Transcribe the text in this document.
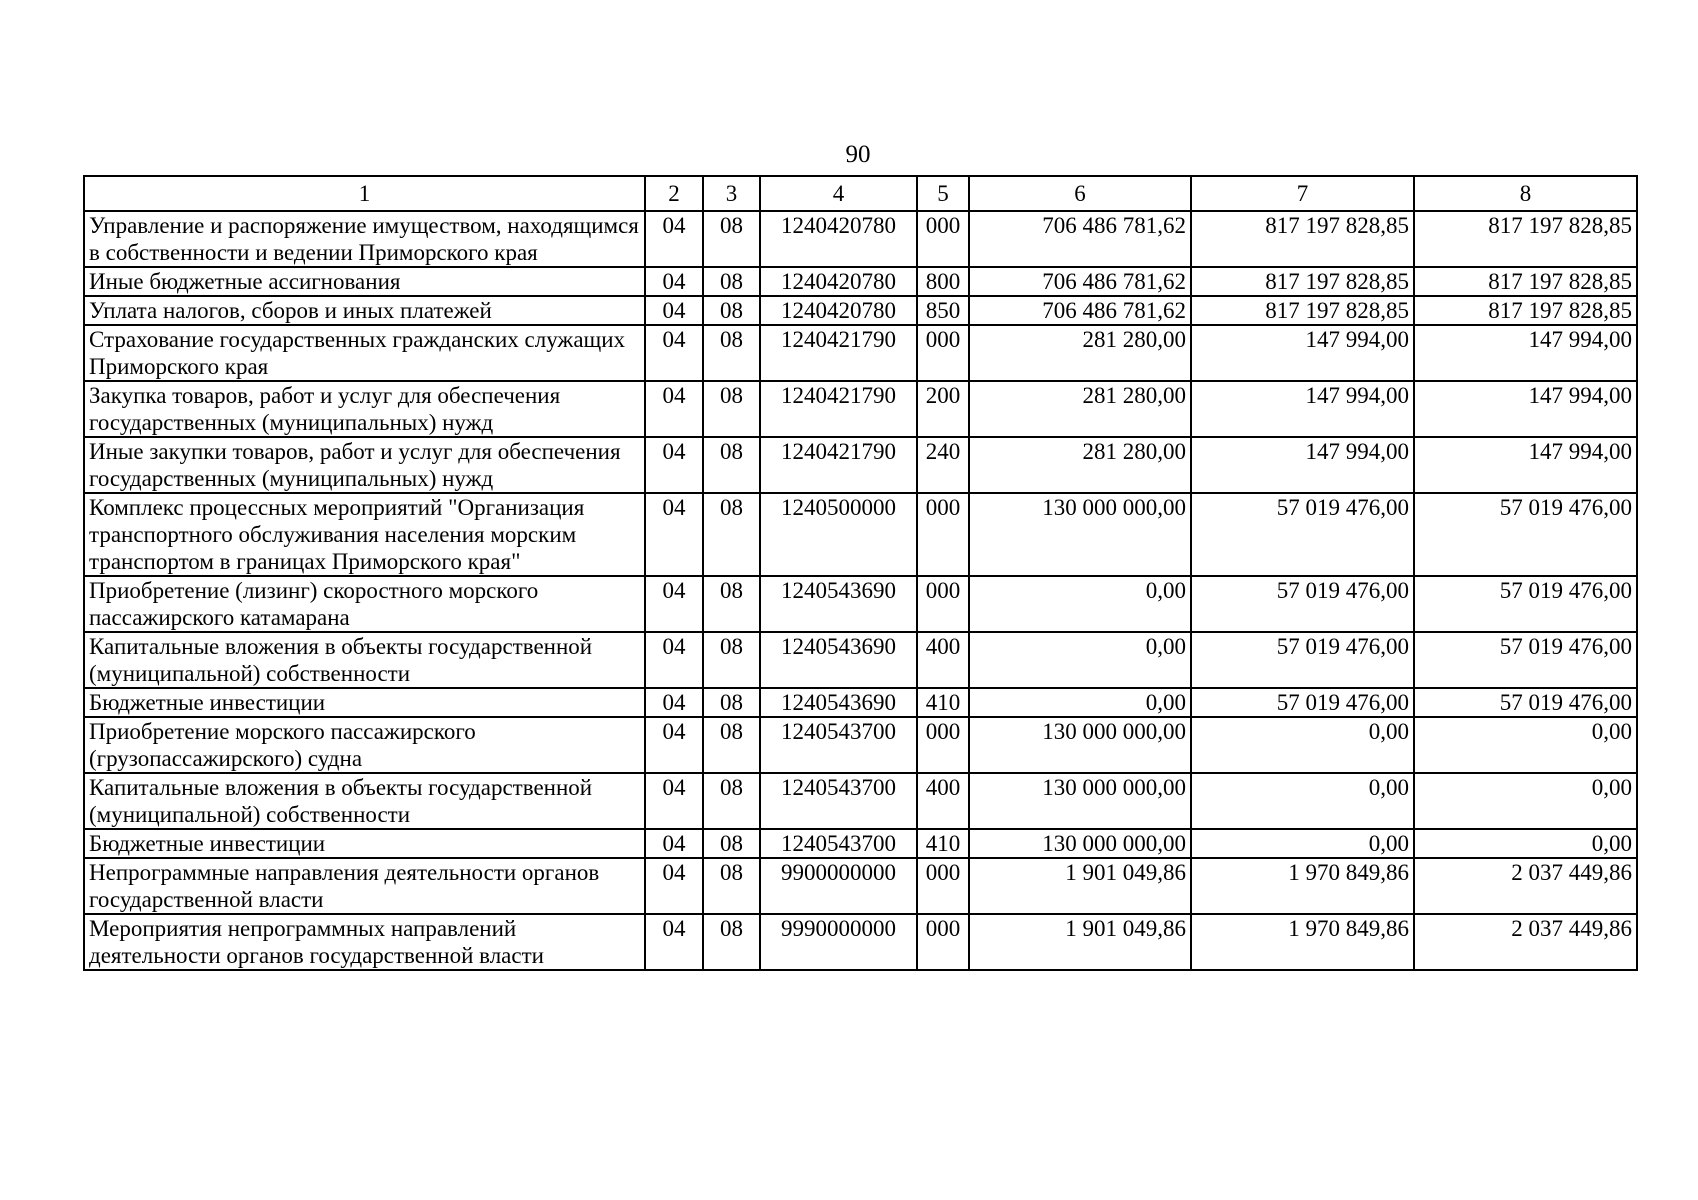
90
1	2	3	4	5	6	7	8
Управление и распоряжение имуществом, находящимся в собственности и ведении Приморского края	04	08	1240420780	000	706 486 781,62	817 197 828,85	817 197 828,85
Иные бюджетные ассигнования	04	08	1240420780	800	706 486 781,62	817 197 828,85	817 197 828,85
Уплата налогов, сборов и иных платежей	04	08	1240420780	850	706 486 781,62	817 197 828,85	817 197 828,85
Страхование государственных гражданских служащих Приморского края	04	08	1240421790	000	281 280,00	147 994,00	147 994,00
Закупка товаров, работ и услуг для обеспечения государственных (муниципальных) нужд	04	08	1240421790	200	281 280,00	147 994,00	147 994,00
Иные закупки товаров, работ и услуг для обеспечения государственных (муниципальных) нужд	04	08	1240421790	240	281 280,00	147 994,00	147 994,00
Комплекс процессных мероприятий "Организация транспортного обслуживания населения морским транспортом в границах Приморского края"	04	08	1240500000	000	130 000 000,00	57 019 476,00	57 019 476,00
Приобретение (лизинг) скоростного морского пассажирского катамарана	04	08	1240543690	000	0,00	57 019 476,00	57 019 476,00
Капитальные вложения в объекты государственной (муниципальной) собственности	04	08	1240543690	400	0,00	57 019 476,00	57 019 476,00
Бюджетные инвестиции	04	08	1240543690	410	0,00	57 019 476,00	57 019 476,00
Приобретение морского пассажирского (грузопассажирского) судна	04	08	1240543700	000	130 000 000,00	0,00	0,00
Капитальные вложения в объекты государственной (муниципальной) собственности	04	08	1240543700	400	130 000 000,00	0,00	0,00
Бюджетные инвестиции	04	08	1240543700	410	130 000 000,00	0,00	0,00
Непрограммные направления деятельности органов государственной власти	04	08	9900000000	000	1 901 049,86	1 970 849,86	2 037 449,86
Мероприятия непрограммных направлений деятельности органов государственной власти	04	08	9990000000	000	1 901 049,86	1 970 849,86	2 037 449,86
